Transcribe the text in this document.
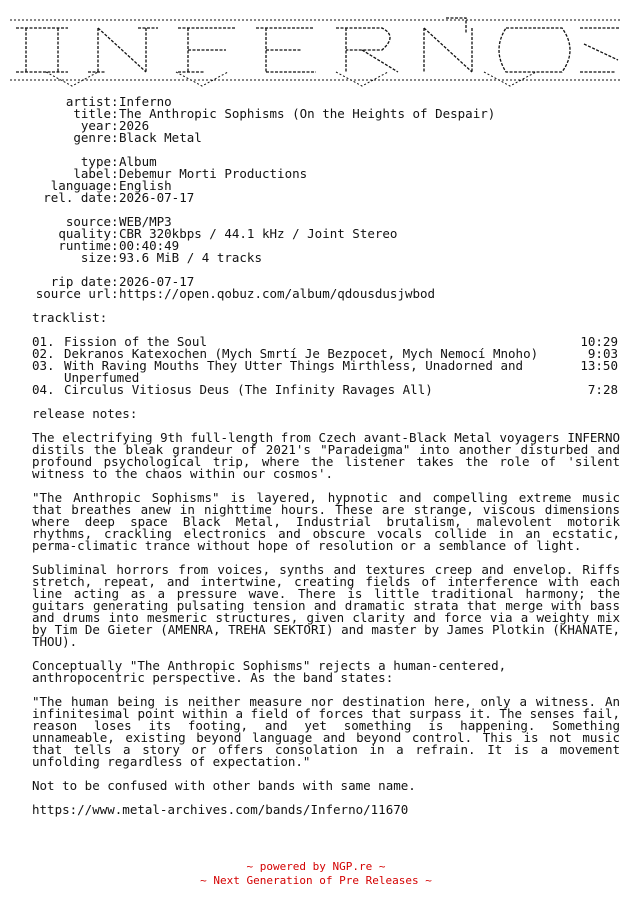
artist : Inferno
title : The Anthropic Sophisms (On the Heights of Despair)
year : 2026
genre : Black Metal
type : Album
label : Debemur Morti Productions
language : English
rel. date : 2026-07-17
source : WEB/MP3
quality : CBR 320kbps / 44.1 kHz / Joint Stereo
runtime : 00:40:49
size : 93.6 MiB / 4 tracks
rip date : 2026-07-17
source url : https://open.qobuz.com/album/qdousdusjwbod
tracklist:
01. Fission of the Soul	10:29
02. Dekranos Katexochen (Mych Smrtí Je Bezpocet, Mych Nemocí Mnoho)	9:03
03. With Raving Mouths They Utter Things Mirthless, Unadorned and Unperfumed
13:50
04. Circulus Vitiosus Deus (The Infinity Ravages All)	7:28
release notes:

The electrifying 9th full-length from Czech avant-Black Metal voyagers INFERNO distils the bleak grandeur of 2021's "Paradeigma" into another disturbed and profound psychological trip, where the listener takes the role of 'silent witness to the chaos within our cosmos'.

"The Anthropic Sophisms" is layered, hypnotic and compelling extreme music that breathes anew in nighttime hours. These are strange, viscous dimensions where deep space Black Metal, Industrial brutalism, malevolent motorik rhythms, crackling electronics and obscure vocals collide in an ecstatic, perma-climatic trance without hope of resolution or a semblance of light.

Subliminal horrors from voices, synths and textures creep and envelop. Riffs stretch, repeat, and intertwine, creating fields of interference with each line acting as a pressure wave. There is little traditional harmony; the guitars generating pulsating tension and dramatic strata that merge with bass and drums into mesmeric structures, given clarity and force via a weighty mix by Tim De Gieter (AMENRA, TREHA SEKTORI) and master by James Plotkin (KHANATE, THOU).

Conceptually "The Anthropic Sophisms" rejects a human-centered, anthropocentric perspective. As the band states:

"The human being is neither measure nor destination here, only a witness. An infinitesimal point within a field of forces that surpass it. The senses fail, reason loses its footing, and yet something is happening. Something unnameable, existing beyond language and beyond control. This is not music that tells a story or offers consolation in a refrain. It is a movement unfolding regardless of expectation."

Not to be confused with other bands with same name.

https://www.metal-archives.com/bands/Inferno/11670

~ powered by NGP.re ~
~ Next Generation of Pre Releases ~
